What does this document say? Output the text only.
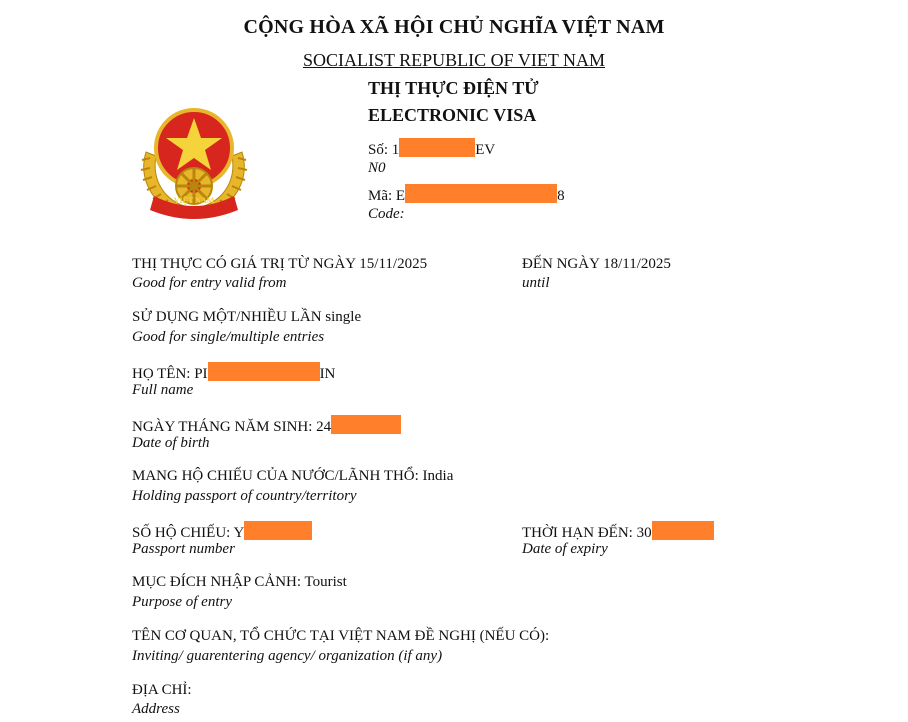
CỘNG HÒA XÃ HỘI CHỦ NGHĨA VIỆT NAM
SOCIALIST REPUBLIC OF VIET NAM
THỊ THỰC ĐIỆN TỬ
ELECTRONIC VISA
VIỆT NAM
Số: 1	EV
N0
Mã: E	8
Code:
THỊ THỰC CÓ GIÁ TRỊ TỪ NGÀY 15/11/2025
Good for entry valid from
ĐẾN NGÀY 18/11/2025
until
SỬ DỤNG MỘT/NHIỀU LẦN single
Good for single/multiple entries
HỌ TÊN: PI	IN
Full name
NGÀY THÁNG NĂM SINH: 24
Date of birth
MANG HỘ CHIẾU CỦA NƯỚC/LÃNH THỔ: India
Holding passport of country/territory
SỐ HỘ CHIẾU: Y
Passport number
THỜI HẠN ĐẾN: 30
Date of expiry
MỤC ĐÍCH NHẬP CẢNH: Tourist
Purpose of entry
TÊN CƠ QUAN, TỔ CHỨC TẠI VIỆT NAM ĐỀ NGHỊ (NẾU CÓ):
Inviting/ guarentering agency/ organization (if any)
ĐỊA CHỈ:
Address
